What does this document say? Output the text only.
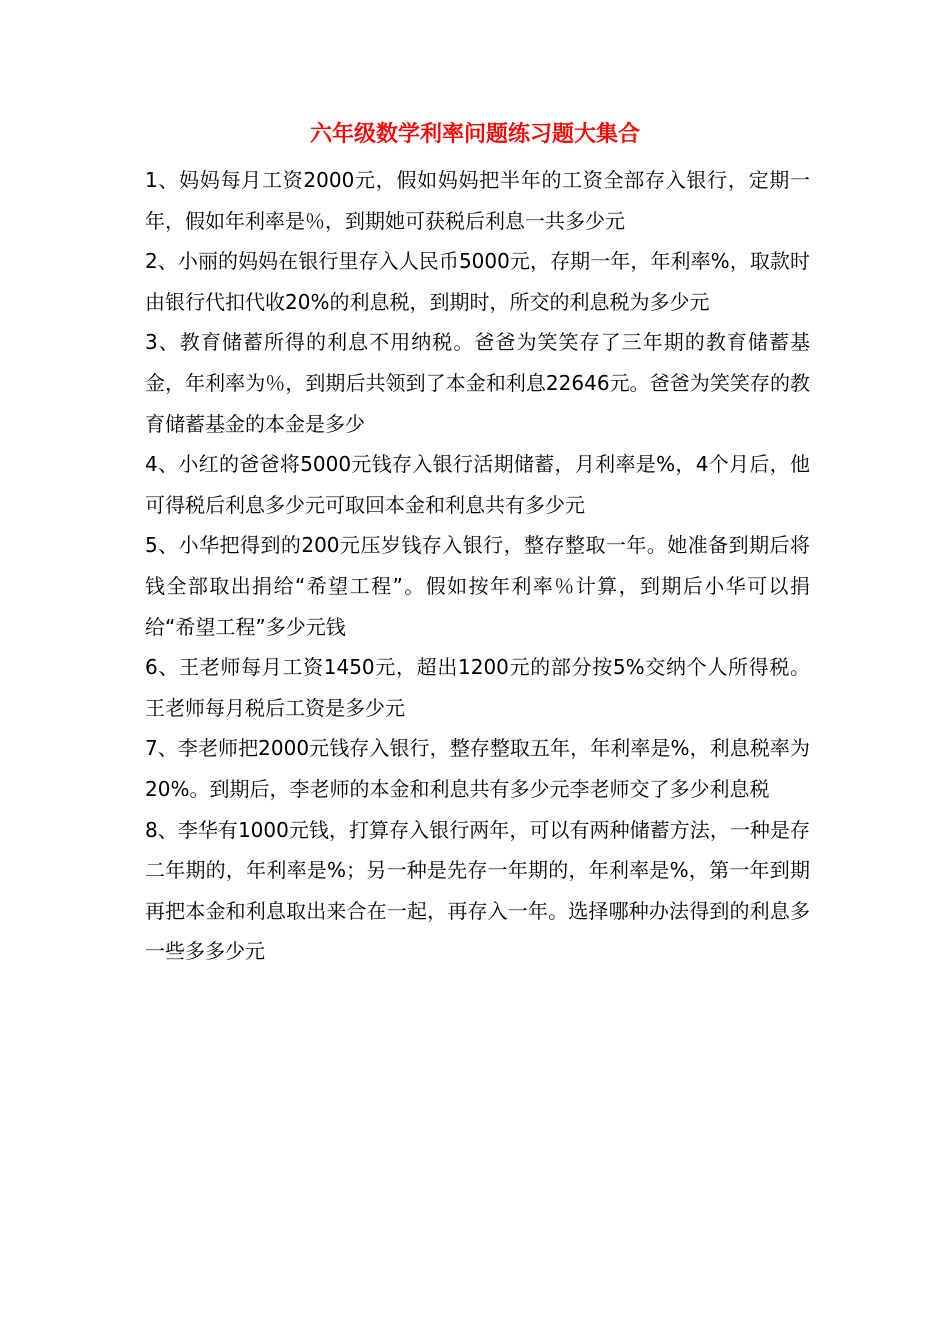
六年级数学利率问题练习题大集合

1、妈妈每月工资2000元，假如妈妈把半年的工资全部存入银行，定期一年，假如年利率是％，到期她可获税后利息一共多少元

2、小丽的妈妈在银行里存入人民币5000元，存期一年，年利率%，取款时由银行代扣代收20%的利息税，到期时，所交的利息税为多少元

3、教育储蓄所得的利息不用纳税。爸爸为笑笑存了三年期的教育储蓄基金，年利率为％，到期后共领到了本金和利息22646元。爸爸为笑笑存的教育储蓄基金的本金是多少

4、小红的爸爸将5000元钱存入银行活期储蓄，月利率是%，4个月后，他可得税后利息多少元可取回本金和利息共有多少元

5、小华把得到的200元压岁钱存入银行，整存整取一年。她准备到期后将钱全部取出捐给“希望工程”。假如按年利率％计算，到期后小华可以捐给“希望工程”多少元钱

6、王老师每月工资1450元，超出1200元的部分按5%交纳个人所得税。王老师每月税后工资是多少元

7、李老师把2000元钱存入银行，整存整取五年，年利率是%，利息税率为20%。到期后，李老师的本金和利息共有多少元李老师交了多少利息税

8、李华有1000元钱，打算存入银行两年，可以有两种储蓄方法，一种是存二年期的，年利率是%；另一种是先存一年期的，年利率是%，第一年到期再把本金和利息取出来合在一起，再存入一年。选择哪种办法得到的利息多一些多多少元
